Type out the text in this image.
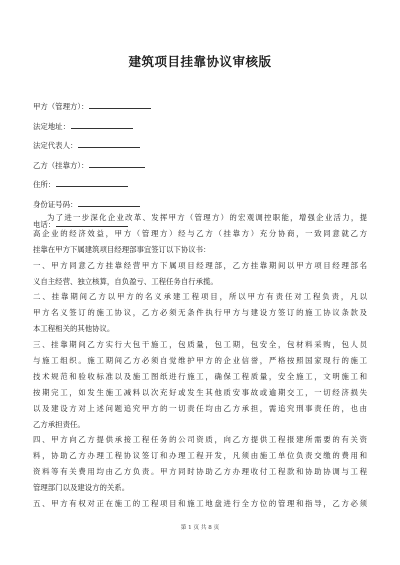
建筑项目挂靠协议审核版
甲方（管理方）：
法定地址：
法定代表人：
乙方（挂靠方）：
住所：
身份证号码：
电话：
为了进一步深化企业改革、发挥甲方（管理方）的宏观调控职能，增强企业活力，提
高企业的经济效益，甲方（管理方）经与乙方（挂靠方）充分协商，一致同意就乙方
挂靠在甲方下属建筑项目经理部事宜签订以下协议书：
一、甲方同意乙方挂靠经营甲方下属项目经理部，乙方挂靠期间以甲方项目经理部名
义自主经营、独立核算，自负盈亏、工程任务自行承揽。
二、挂靠期间乙方以甲方的名义承建工程项目，所以甲方有责任对工程负责，凡以
甲方名义签订的施工协议，乙方必须无条件执行甲方与建设方签订的施工协议条款及
本工程相关的其他协议。
三、挂靠期间乙方实行大包干施工，包质量，包工期，包安全，包材料采购，包人员
与施工组织。施工期间乙方必须自觉维护甲方的企业信誉，严格按照国家现行的施工
技术规范和验收标准以及施工图纸进行施工，确保工程质量，安全施工，文明施工和
按期完工，如发生施工减料以次充好或发生其他质安事故或逾期交工，一切经济损失
以及建设方对上述问题追究甲方的一切责任均由乙方承担，需追究刑事责任的，也由
乙方承担责任。
四、甲方向乙方提供承接工程任务的公司资质，向乙方提供工程报建所需要的有关资
料，协助乙方办理工程协议签订和办理工程开发，凡须由施工单位负责交缴的费用和
资料等有关费用均由乙方负责。甲方同时协助乙方办理收付工程款和协助协调与工程
管理部门以及建设方的关系。
五、甲方有权对正在施工的工程项目和施工地盘进行全方位的管理和指导，乙方必须
第 1 页 共 8 页
